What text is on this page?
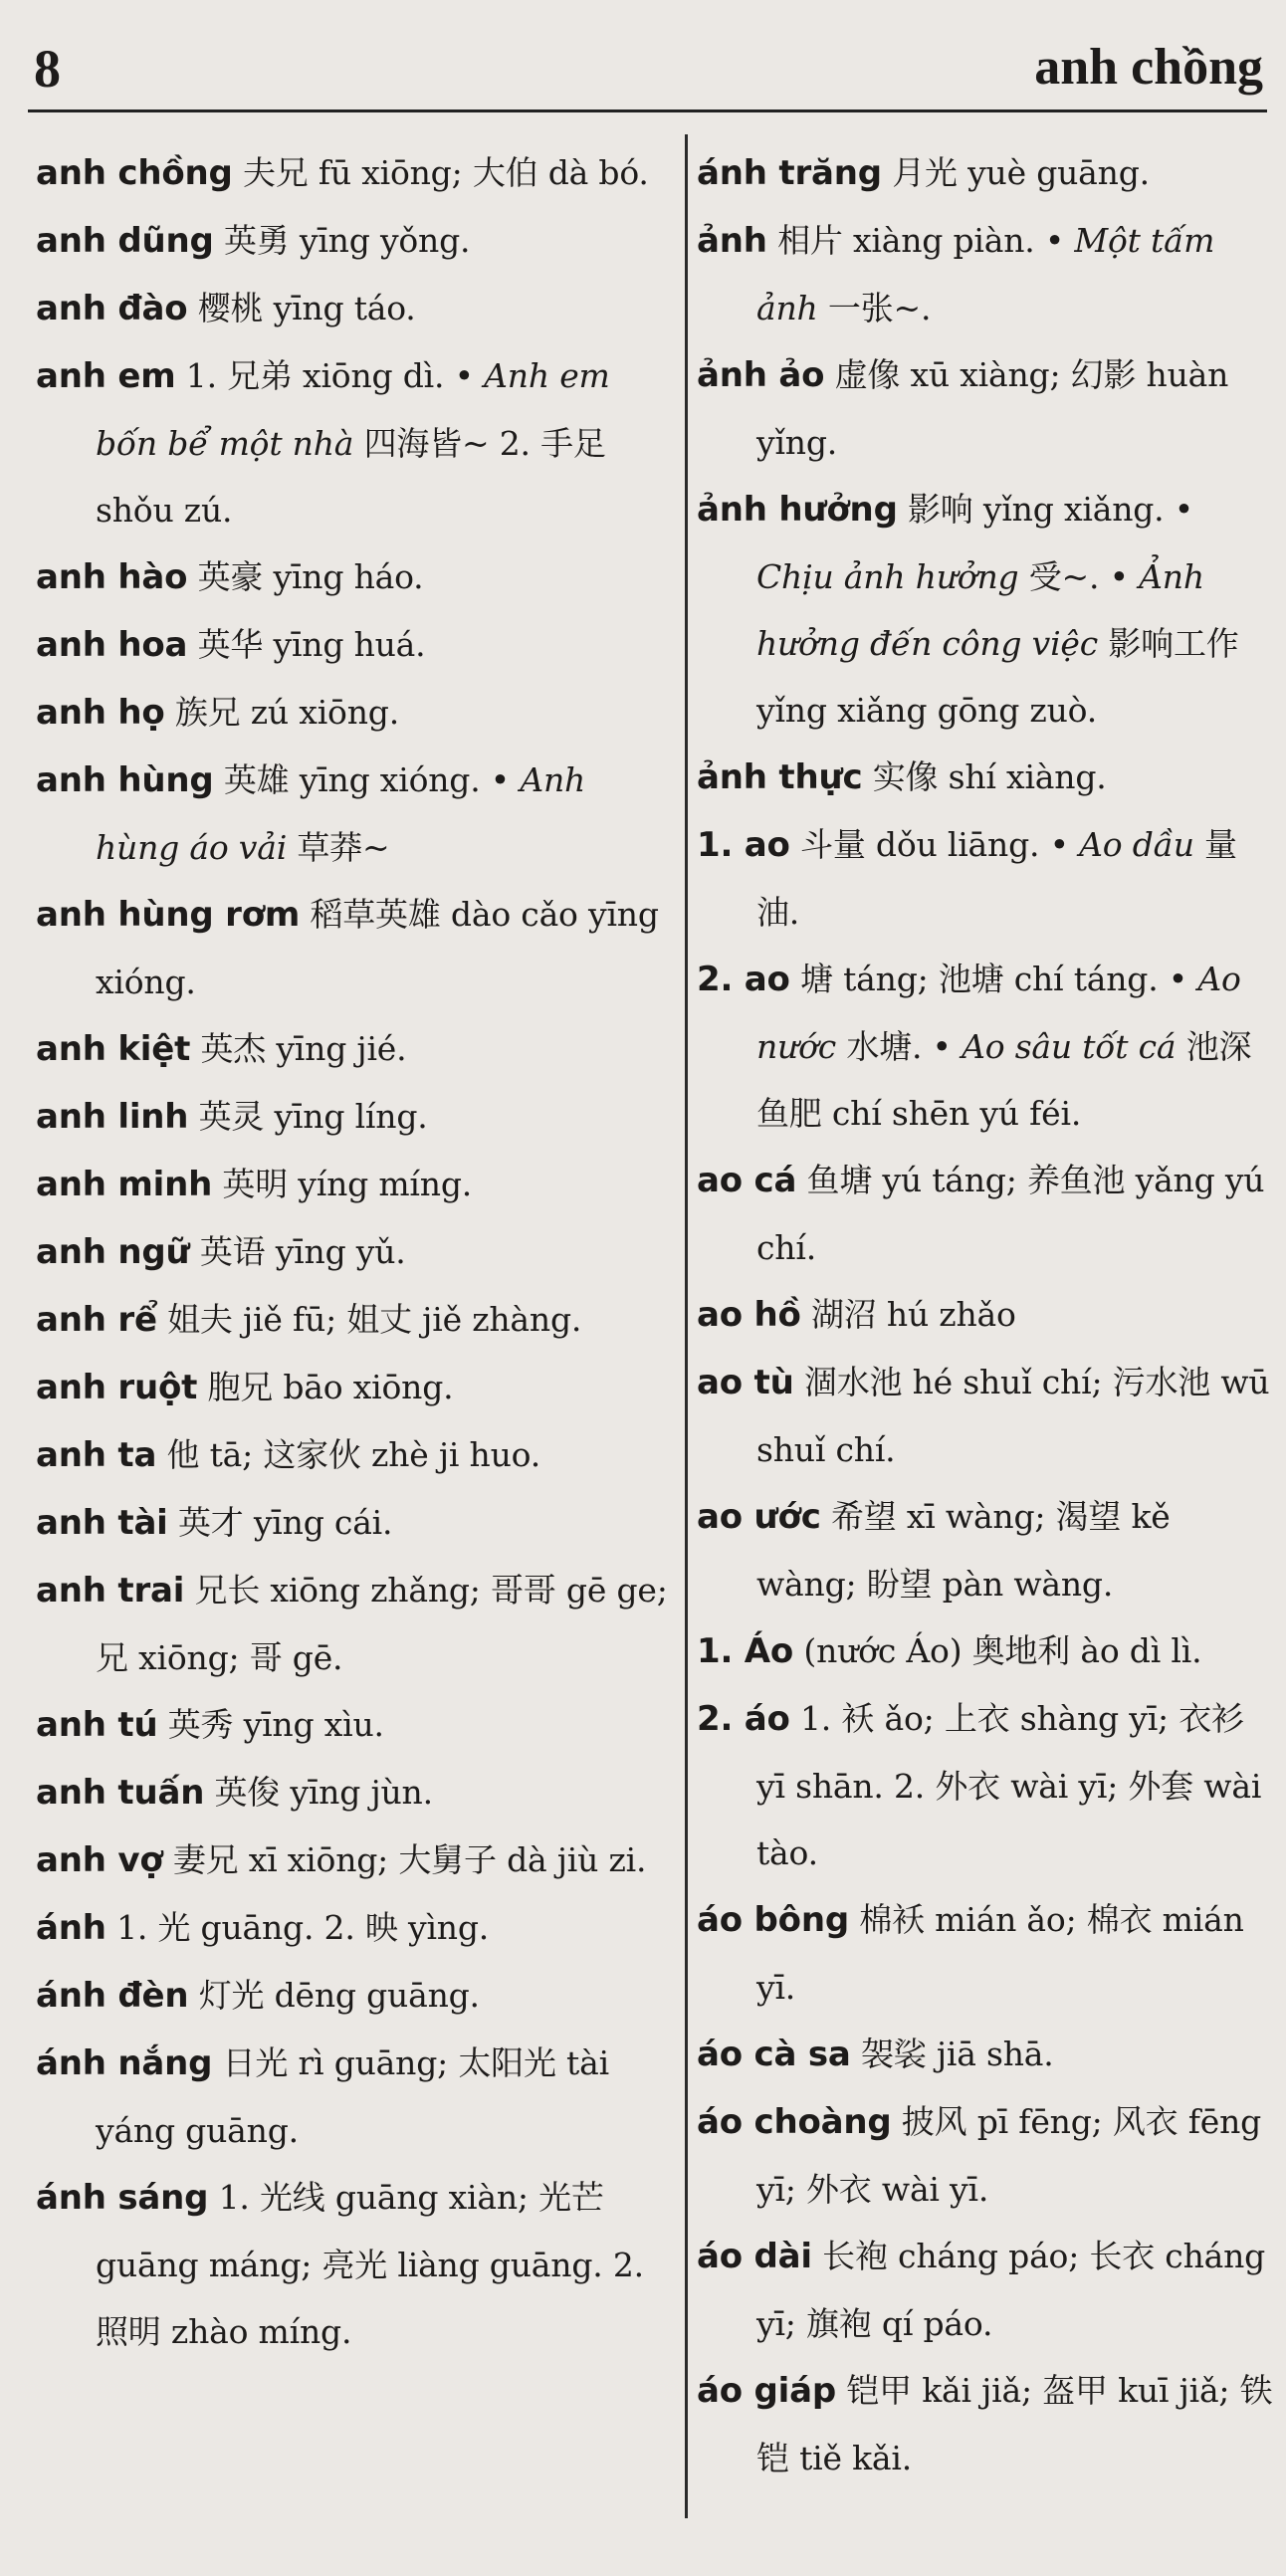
8	anh chồng

anh chồng 夫兄 fū xiōng; 大伯 dà bó.

anh dũng 英勇 yīng yǒng.

anh đào 樱桃 yīng táo.

anh em 1. 兄弟 xiōng dì. • Anh em bốn bể một nhà 四海皆~ 2. 手足 shǒu zú.

anh hào 英豪 yīng háo.

anh hoa 英华 yīng huá.

anh họ 族兄 zú xiōng.

anh hùng 英雄 yīng xióng. • Anh hùng áo vải 草莽~

anh hùng rơm 稻草英雄 dào cǎo yīng xióng.

anh kiệt 英杰 yīng jié.

anh linh 英灵 yīng líng.

anh minh 英明 yíng míng.

anh ngữ 英语 yīng yǔ.

anh rể 姐夫 jiě fū; 姐丈 jiě zhàng.

anh ruột 胞兄 bāo xiōng.

anh ta 他 tā; 这家伙 zhè ji huo.

anh tài 英才 yīng cái.

anh trai 兄长 xiōng zhǎng; 哥哥 gē ge; 兄 xiōng; 哥 gē.

anh tú 英秀 yīng xìu.

anh tuấn 英俊 yīng jùn.

anh vợ 妻兄 xī xiōng; 大舅子 dà jiù zi.

ánh 1. 光 guāng. 2. 映 yìng.

ánh đèn 灯光 dēng guāng.

ánh nắng 日光 rì guāng; 太阳光 tài yáng guāng.

ánh sáng 1. 光线 guāng xiàn; 光芒 guāng máng; 亮光 liàng guāng. 2. 照明 zhào míng.

ánh trăng 月光 yuè guāng.

ảnh 相片 xiàng piàn. • Một tấm ảnh 一张~.

ảnh ảo 虚像 xū xiàng; 幻影 huàn yǐng.

ảnh hưởng 影响 yǐng xiǎng. • Chịu ảnh hưởng 受~. • Ảnh hưởng đến công việc 影响工作 yǐng xiǎng gōng zuò.

ảnh thực 实像 shí xiàng.

1. ao 斗量 dǒu liāng. • Ao dầu 量油.

2. ao 塘 táng; 池塘 chí táng. • Ao nước 水塘. • Ao sâu tốt cá 池深鱼肥 chí shēn yú féi.

ao cá 鱼塘 yú táng; 养鱼池 yǎng yú chí.

ao hồ 湖沼 hú zhǎo

ao tù 涸水池 hé shuǐ chí; 污水池 wū shuǐ chí.

ao ước 希望 xī wàng; 渴望 kě wàng; 盼望 pàn wàng.

1. Áo (nước Áo) 奥地利 ào dì lì.

2. áo 1. 袄 ǎo; 上衣 shàng yī; 衣衫 yī shān. 2. 外衣 wài yī; 外套 wài tào.

áo bông 棉袄 mián ǎo; 棉衣 mián yī.

áo cà sa 袈裟 jiā shā.

áo choàng 披风 pī fēng; 风衣 fēng yī; 外衣 wài yī.

áo dài 长袍 cháng páo; 长衣 cháng yī; 旗袍 qí páo.

áo giáp 铠甲 kǎi jiǎ; 盔甲 kuī jiǎ; 铁铠 tiě kǎi.
